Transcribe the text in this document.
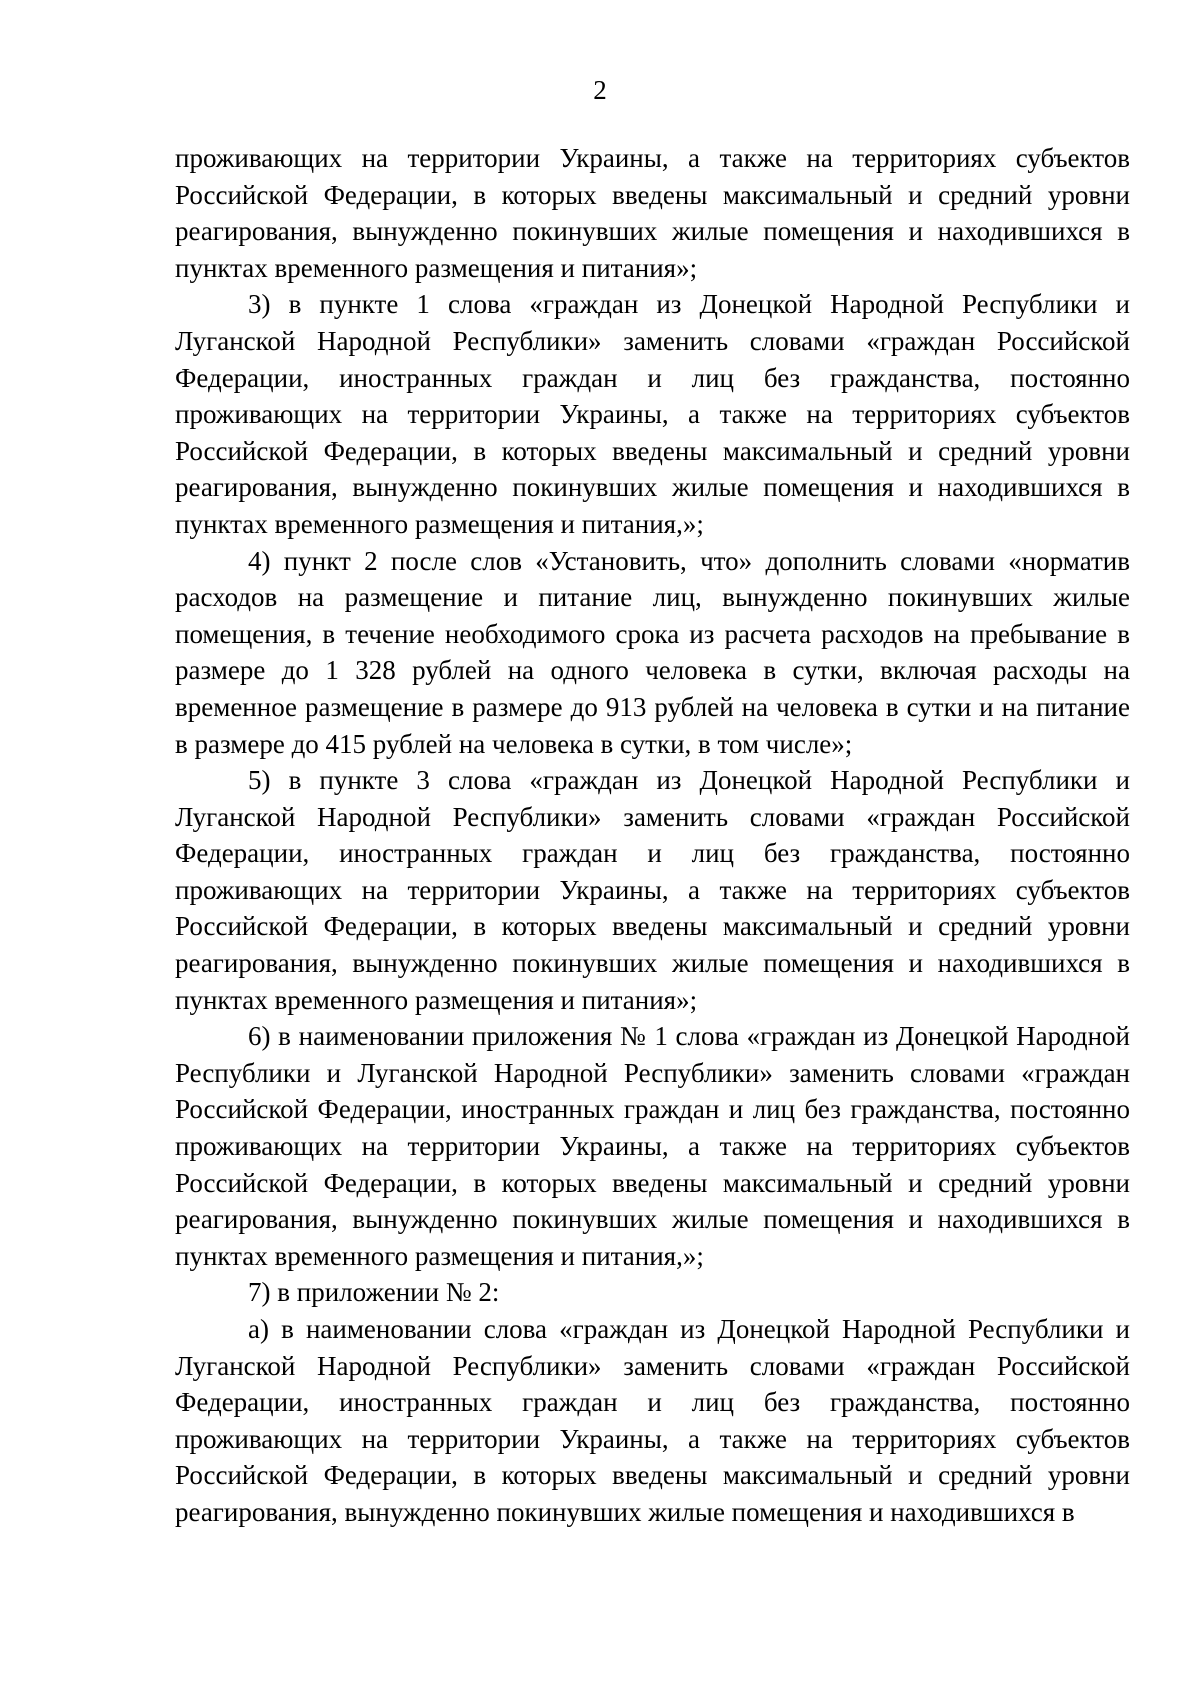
2

проживающих на территории Украины, а также на территориях субъектов Российской Федерации, в которых введены максимальный и средний уровни реагирования, вынужденно покинувших жилые помещения и находившихся в пунктах временного размещения и питания»;

3) в пункте 1 слова «граждан из Донецкой Народной Республики и Луганской Народной Республики» заменить словами «граждан Российской Федерации, иностранных граждан и лиц без гражданства, постоянно проживающих на территории Украины, а также на территориях субъектов Российской Федерации, в которых введены максимальный и средний уровни реагирования, вынужденно покинувших жилые помещения и находившихся в пунктах временного размещения и питания,»;

4) пункт 2 после слов «Установить, что» дополнить словами «норматив расходов на размещение и питание лиц, вынужденно покинувших жилые помещения, в течение необходимого срока из расчета расходов на пребывание в размере до 1 328 рублей на одного человека в сутки, включая расходы на временное размещение в размере до 913 рублей на человека в сутки и на питание в размере до 415 рублей на человека в сутки, в том числе»;

5) в пункте 3 слова «граждан из Донецкой Народной Республики и Луганской Народной Республики» заменить словами «граждан Российской Федерации, иностранных граждан и лиц без гражданства, постоянно проживающих на территории Украины, а также на территориях субъектов Российской Федерации, в которых введены максимальный и средний уровни реагирования, вынужденно покинувших жилые помещения и находившихся в пунктах временного размещения и питания»;

6) в наименовании приложения № 1 слова «граждан из Донецкой Народной Республики и Луганской Народной Республики» заменить словами «граждан Российской Федерации, иностранных граждан и лиц без гражданства, постоянно проживающих на территории Украины, а также на территориях субъектов Российской Федерации, в которых введены максимальный и средний уровни реагирования, вынужденно покинувших жилые помещения и находившихся в пунктах временного размещения и питания,»;

7) в приложении № 2:

а) в наименовании слова «граждан из Донецкой Народной Республики и Луганской Народной Республики» заменить словами «граждан Российской Федерации, иностранных граждан и лиц без гражданства, постоянно проживающих на территории Украины, а также на территориях субъектов Российской Федерации, в которых введены максимальный и средний уровни реагирования, вынужденно покинувших жилые помещения и находившихся в
